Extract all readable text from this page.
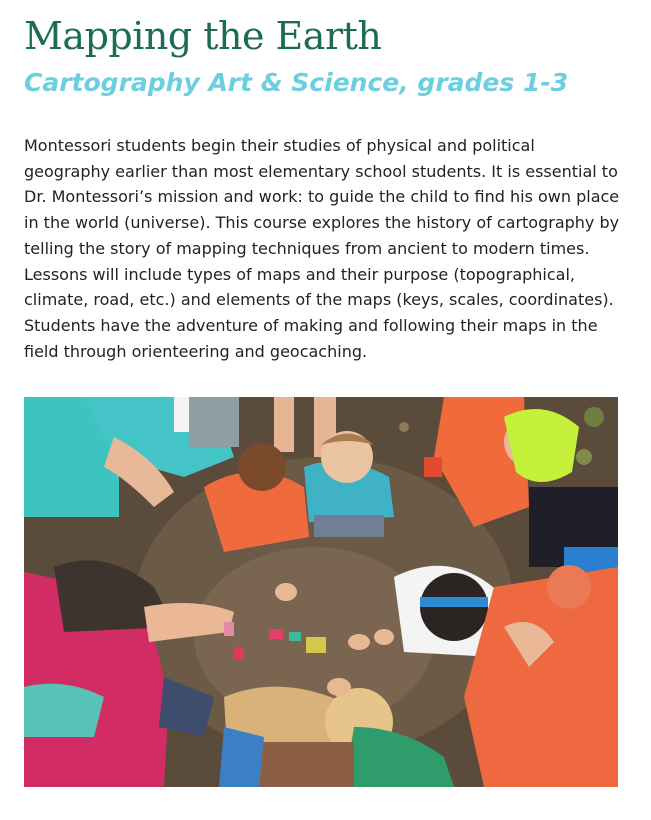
Mapping the Earth
Cartography Art & Science, grades 1-3

Montessori students begin their studies of physical and political geography earlier than most elementary school students. It is essential to Dr. Montessori’s mission and work: to guide the child to find his own place in the world (universe). This course explores the history of cartography by telling the story of mapping techniques from ancient to modern times. Lessons will include types of maps and their purpose (topographical, climate, road, etc.) and elements of the maps (keys, scales, coordinates). Students have the adventure of making and following their maps in the field through orienteering and geocaching.
